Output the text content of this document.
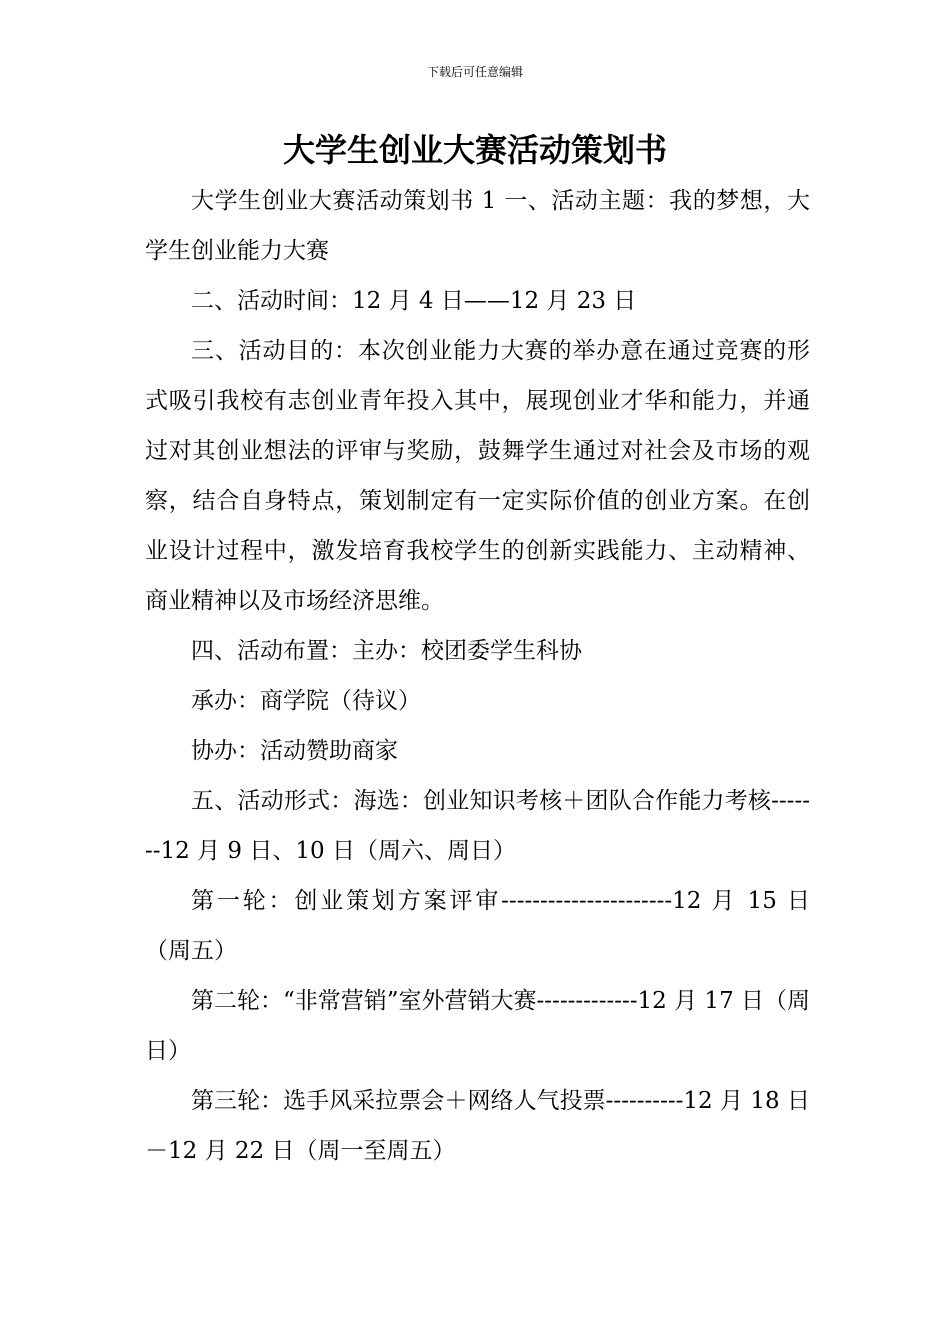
下载后可任意编辑
大学生创业大赛活动策划书

大学生创业大赛活动策划书 1 一、活动主题：我的梦想，大学生创业能力大赛

二、活动时间：12 月 4 日——12 月 23 日

三、活动目的：本次创业能力大赛的举办意在通过竞赛的形式吸引我校有志创业青年投入其中，展现创业才华和能力，并通过对其创业想法的评审与奖励，鼓舞学生通过对社会及市场的观察，结合自身特点，策划制定有一定实际价值的创业方案。在创业设计过程中，激发培育我校学生的创新实践能力、主动精神、商业精神以及市场经济思维。

四、活动布置：主办：校团委学生科协

承办：商学院（待议）

协办：活动赞助商家

五、活动形式：海选：创业知识考核＋团队合作能力考核-------12 月 9 日、10 日（周六、周日）

第一轮：创业策划方案评审----------------------12 月 15 日（周五）

第二轮：“非常营销”室外营销大赛-------------12 月 17 日（周日）

第三轮：选手风采拉票会＋网络人气投票----------12 月 18 日－12 月 22 日（周一至周五）
